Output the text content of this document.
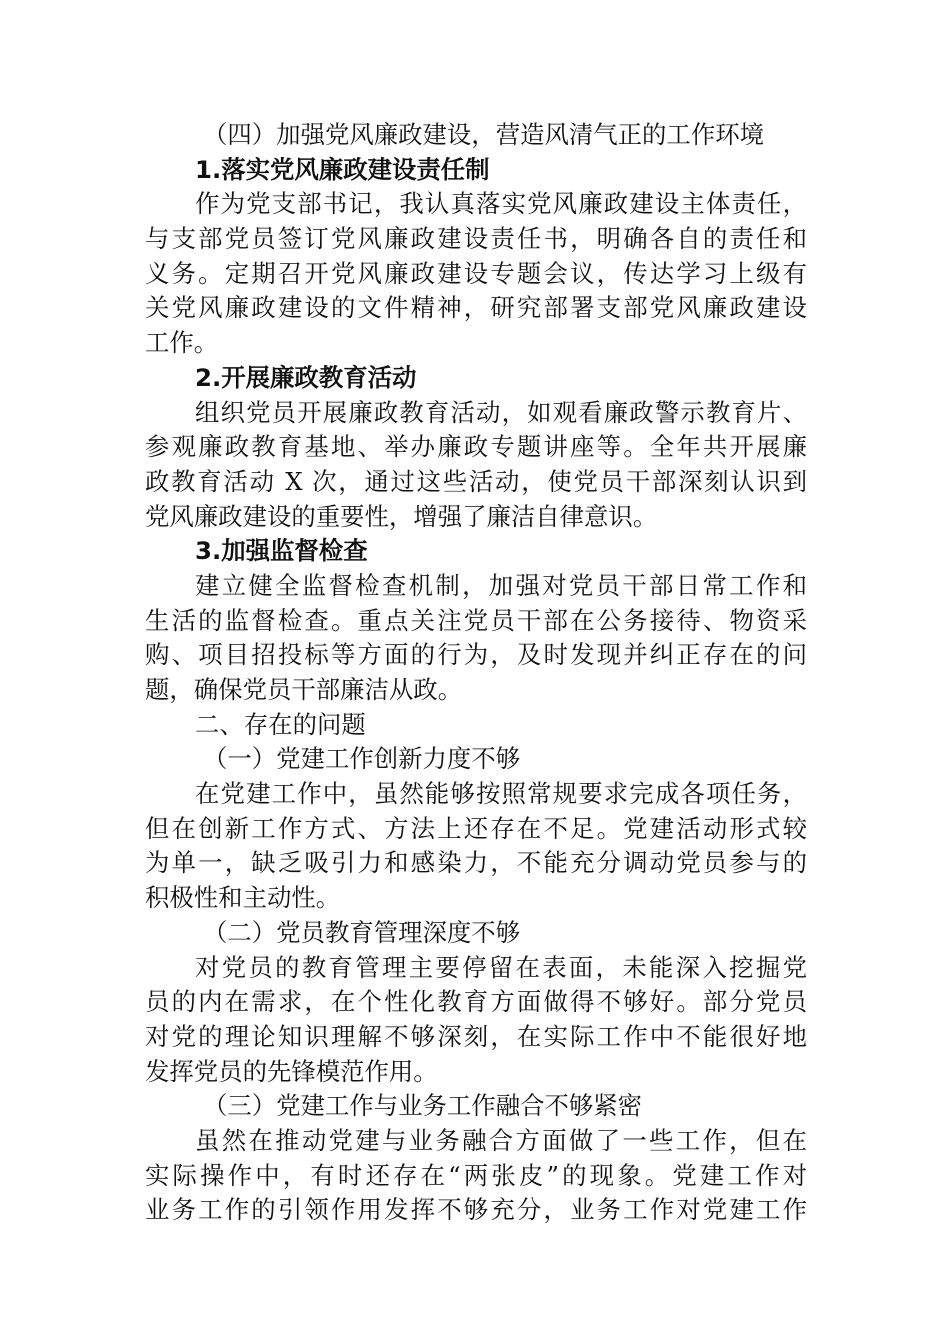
（四）加强党风廉政建设，营造风清气正的工作环境
1.落实党风廉政建设责任制
作为党支部书记，我认真落实党风廉政建设主体责任，
与支部党员签订党风廉政建设责任书，明确各自的责任和
义务。定期召开党风廉政建设专题会议，传达学习上级有
关党风廉政建设的文件精神，研究部署支部党风廉政建设
工作。
2.开展廉政教育活动
组织党员开展廉政教育活动，如观看廉政警示教育片、
参观廉政教育基地、举办廉政专题讲座等。全年共开展廉
政教育活动 X 次，通过这些活动，使党员干部深刻认识到
党风廉政建设的重要性，增强了廉洁自律意识。
3.加强监督检查
建立健全监督检查机制，加强对党员干部日常工作和
生活的监督检查。重点关注党员干部在公务接待、物资采
购、项目招投标等方面的行为，及时发现并纠正存在的问
题，确保党员干部廉洁从政。
二、存在的问题
（一）党建工作创新力度不够
在党建工作中，虽然能够按照常规要求完成各项任务，
但在创新工作方式、方法上还存在不足。党建活动形式较
为单一，缺乏吸引力和感染力，不能充分调动党员参与的
积极性和主动性。
（二）党员教育管理深度不够
对党员的教育管理主要停留在表面，未能深入挖掘党
员的内在需求，在个性化教育方面做得不够好。部分党员
对党的理论知识理解不够深刻，在实际工作中不能很好地
发挥党员的先锋模范作用。
（三）党建工作与业务工作融合不够紧密
虽然在推动党建与业务融合方面做了一些工作，但在
实际操作中，有时还存在“两张皮”的现象。党建工作对
业务工作的引领作用发挥不够充分，业务工作对党建工作
